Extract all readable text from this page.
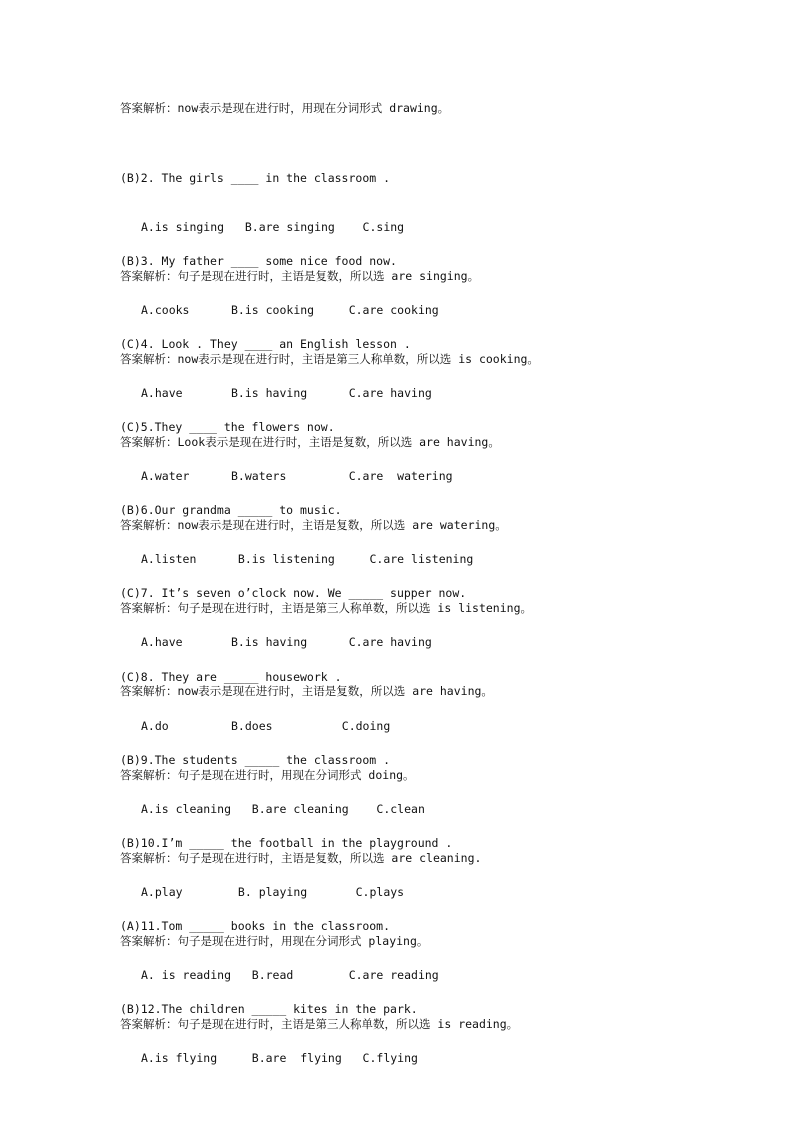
答案解析：now表示是现在进行时，用现在分词形式 drawing。

(B)2. The girls ____ in the classroom .

A.is singing   B.are singing    C.sing

答案解析：句子是现在进行时，主语是复数，所以选 are singing。

(B)3. My father ____ some nice food now.

A.cooks      B.is cooking     C.are cooking

答案解析：now表示是现在进行时，主语是第三人称单数，所以选 is cooking。

(C)4. Look . They ____ an English lesson .

A.have       B.is having      C.are having

答案解析：Look表示是现在进行时，主语是复数，所以选 are having。

(C)5.They ____ the flowers now.

A.water      B.waters         C.are  watering

答案解析：now表示是现在进行时，主语是复数，所以选 are watering。

(B)6.Our grandma _____ to music.

A.listen      B.is listening     C.are listening

答案解析：句子是现在进行时，主语是第三人称单数，所以选 is listening。

(C)7. It’s seven o’clock now. We _____ supper now.

A.have       B.is having      C.are having

答案解析：now表示是现在进行时，主语是复数，所以选 are having。

(C)8. They are _____ housework .

A.do         B.does          C.doing

答案解析：句子是现在进行时，用现在分词形式 doing。

(B)9.The students _____ the classroom .

A.is cleaning   B.are cleaning    C.clean

答案解析：句子是现在进行时，主语是复数，所以选 are cleaning.

(B)10.I’m _____ the football in the playground .

A.play        B. playing       C.plays

答案解析：句子是现在进行时，用现在分词形式 playing。

(A)11.Tom _____ books in the classroom.

A. is reading   B.read        C.are reading

答案解析：句子是现在进行时，主语是第三人称单数，所以选 is reading。

(B)12.The children _____ kites in the park.

A.is flying     B.are  flying   C.flying
